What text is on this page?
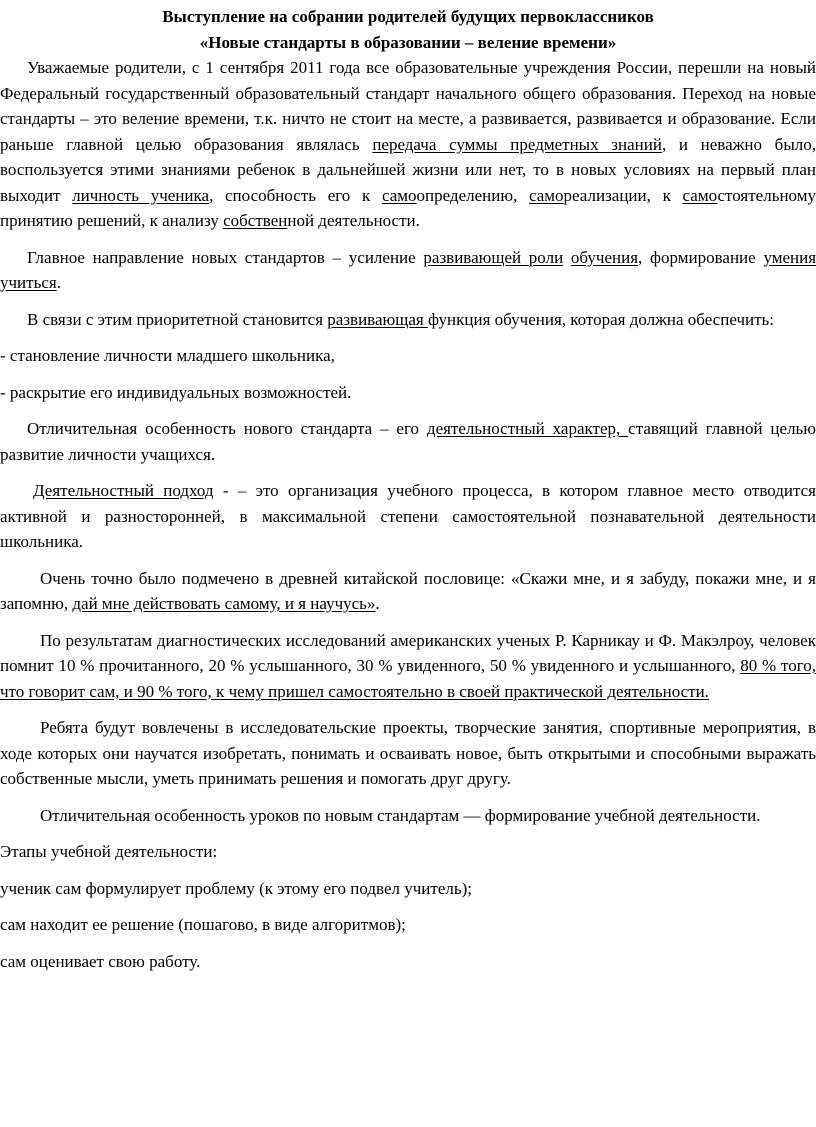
Выступление на собрании родителей будущих первоклассников

«Новые стандарты в образовании – веление времени»

Уважаемые родители, с 1 сентября 2011 года все образовательные учреждения России, перешли на новый Федеральный государственный образовательный стандарт начального общего образования. Переход на новые стандарты – это веление времени, т.к. ничто не стоит на месте, а развивается, развивается и образование. Если раньше главной целью образования являлась передача суммы предметных знаний, и неважно было, воспользуется этими знаниями ребенок в дальнейшей жизни или нет, то в новых условиях на первый план выходит личность ученика, способность его к самоопределению, самореализации, к самостоятельному принятию решений, к анализу собственной деятельности.

Главное направление новых стандартов – усиление развивающей роли обучения, формирование умения учиться.

В связи с этим приоритетной становится развивающая функция обучения, которая должна обеспечить:

- становление личности младшего школьника,

- раскрытие его индивидуальных возможностей.

Отличительная особенность нового стандарта – его деятельностный характер, ставящий главной целью развитие личности учащихся.

Деятельностный подход - – это организация учебного процесса, в котором главное место отводится активной и разносторонней, в максимальной степени самостоятельной познавательной деятельности школьника.

Очень точно было подмечено в древней китайской пословице: «Скажи мне, и я забуду, покажи мне, и я запомню, дай мне действовать самому, и я научусь».

По результатам диагностических исследований американских ученых Р. Карникау и Ф. Макэлроу, человек помнит 10 % прочитанного, 20 % услышанного, 30 % увиденного, 50 % увиденного и услышанного, 80 % того, что говорит сам, и 90 % того, к чему пришел самостоятельно в своей практической деятельности.

Ребята будут вовлечены в исследовательские проекты, творческие занятия, спортивные мероприятия, в ходе которых они научатся изобретать, понимать и осваивать новое, быть открытыми и способными выражать собственные мысли, уметь принимать решения и помогать друг другу.

Отличительная особенность уроков по новым стандартам — формирование учебной деятельности.

Этапы учебной деятельности:

ученик сам формулирует проблему (к этому его подвел учитель);

сам находит ее решение (пошагово, в виде алгоритмов);

сам оценивает свою работу.
